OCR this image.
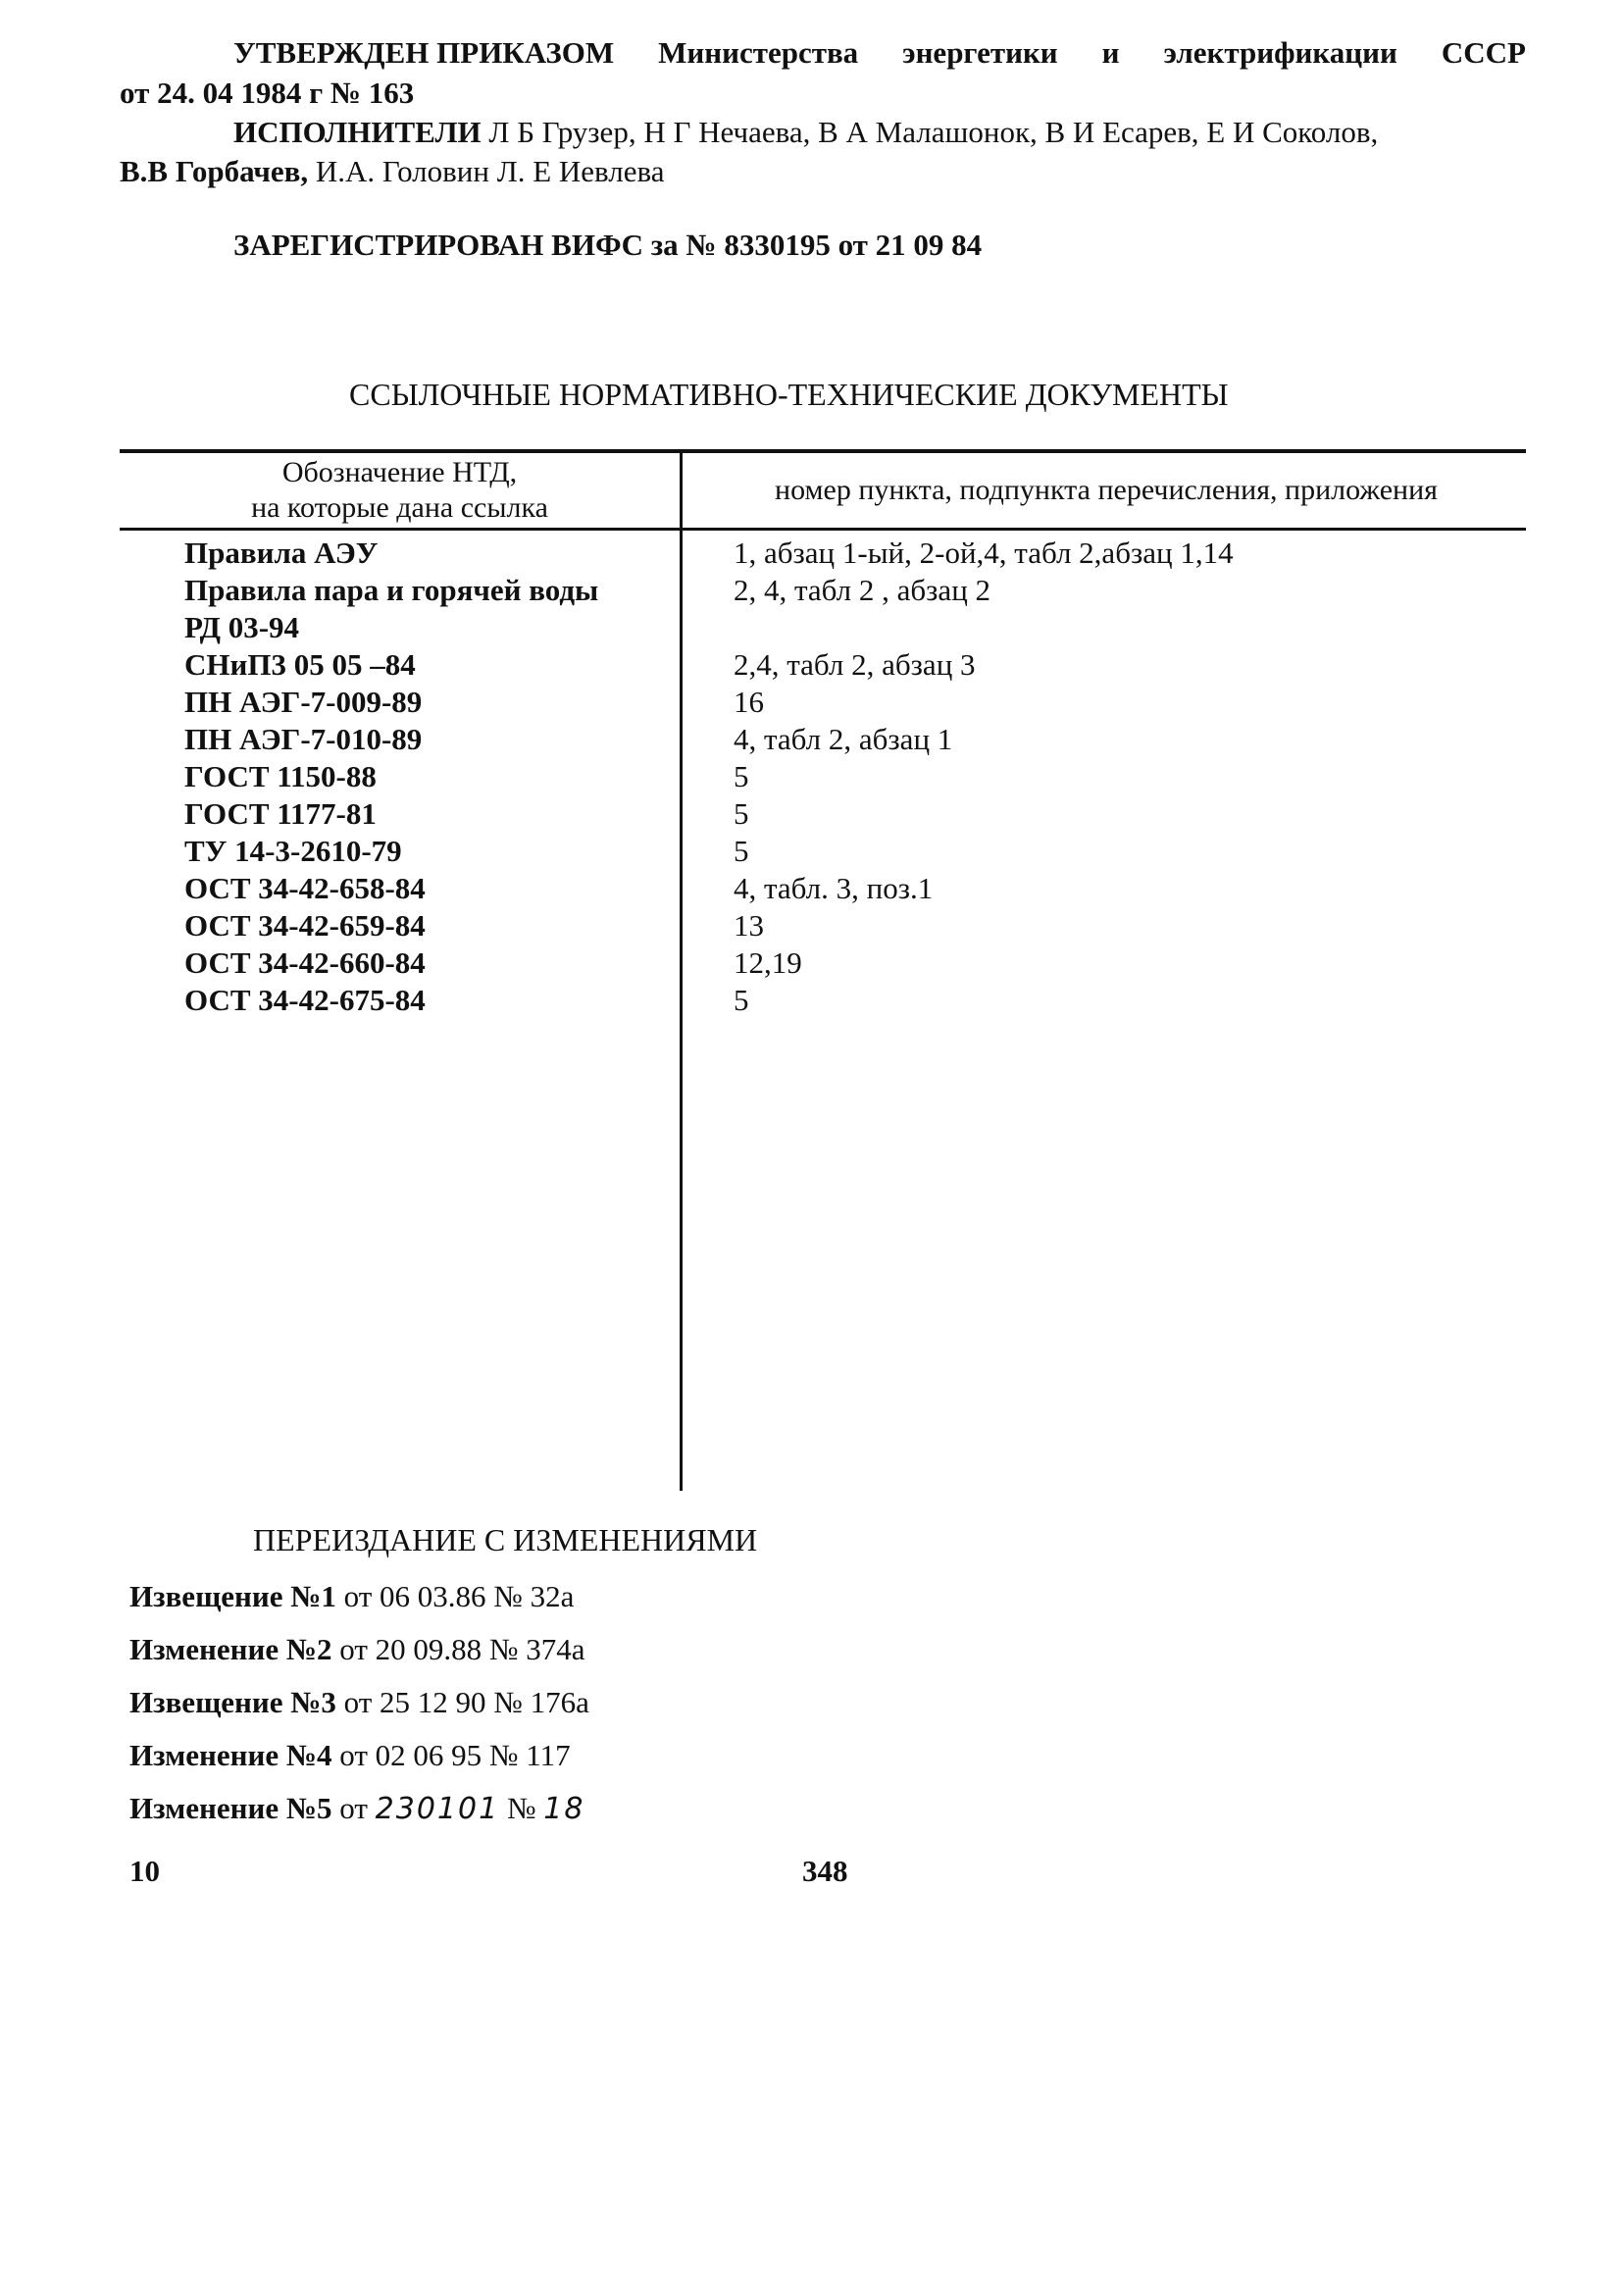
УТВЕРЖДЕН ПРИКАЗОМ Министерства энергетики и электрификации СССР
от 24. 04 1984 г № 163
ИСПОЛНИТЕЛИ Л Б Грузер, Н Г Нечаева, В А Малашонок, В И Есарев, Е И Соколов,
В.В Горбачев, И.А. Головин Л. Е Иевлева
ЗАРЕГИСТРИРОВАН ВИФС за № 8330195 от 21 09 84
ССЫЛОЧНЫЕ НОРМАТИВНО-ТЕХНИЧЕСКИЕ ДОКУМЕНТЫ
Обозначение НТД,
на которые дана ссылка
номер пункта, подпункта перечисления, приложения
Правила АЭУ	1, абзац 1-ый, 2-ой,4, табл 2,абзац 1,14
Правила пара и горячей воды	2, 4, табл 2 , абзац 2
РД 03-94
СНиП3 05 05 –84	2,4, табл 2, абзац 3
ПН АЭГ-7-009-89	16
ПН АЭГ-7-010-89	4, табл 2, абзац 1
ГОСТ 1150-88	5
ГОСТ 1177-81	5
ТУ 14-3-2610-79	5
ОСТ 34-42-658-84	4, табл. 3, поз.1
ОСТ 34-42-659-84	13
ОСТ 34-42-660-84	12,19
ОСТ 34-42-675-84	5
ПЕРЕИЗДАНИЕ С ИЗМЕНЕНИЯМИ
Извещение №1 от 06 03.86 № 32а
Изменение №2 от 20 09.88 № 374а
Извещение №3 от 25 12 90 № 176а
Изменение №4 от 02 06 95 № 117
Изменение №5 от 230101 № 18
10	348
